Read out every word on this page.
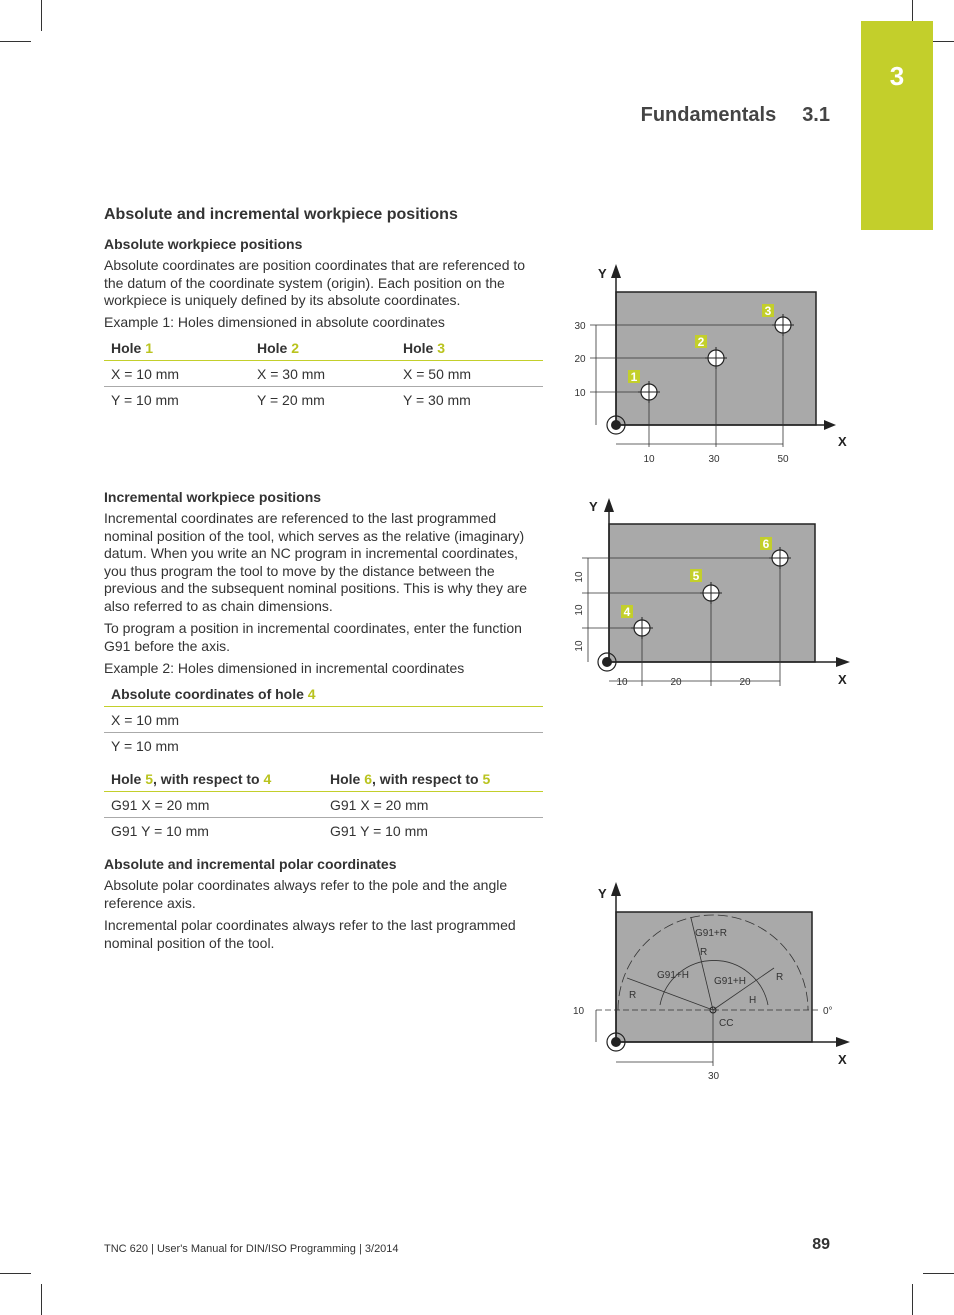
3
Fundamentals 3.1
Absolute and incremental workpiece positions
Absolute workpiece positions
Absolute coordinates are position coordinates that are referenced to the datum of the coordinate system (origin). Each position on the workpiece is uniquely defined by its absolute coordinates.
Example 1: Holes dimensioned in absolute coordinates
Hole 1	Hole 2	Hole 3
X = 10 mm	X = 30 mm	X = 50 mm
Y = 10 mm	Y = 20 mm	Y = 30 mm
Incremental workpiece positions
Incremental coordinates are referenced to the last programmed nominal position of the tool, which serves as the relative (imaginary) datum. When you write an NC program in incremental coordinates, you thus program the tool to move by the distance between the previous and the subsequent nominal positions. This is why they are also referred to as chain dimensions.
To program a position in incremental coordinates, enter the function G91 before the axis.
Example 2: Holes dimensioned in incremental coordinates
Absolute coordinates of hole 4
X = 10 mm
Y = 10 mm
Hole 5, with respect to 4	Hole 6, with respect to 5
G91 X = 20 mm	G91 X = 20 mm
G91 Y = 10 mm	G91 Y = 10 mm
Absolute and incremental polar coordinates
Absolute polar coordinates always refer to the pole and the angle reference axis.
Incremental polar coordinates always refer to the last programmed nominal position of the tool.
X
Y
1
2
3
10	30	50
10
20
30
X
Y
4
5
6
10	20	20
10
10
10
X
Y
G91+R
R
G91+H
G91+H	R
R	H
CC
0°
30
10
TNC 620 | User's Manual for DIN/ISO Programming | 3/2014	89
